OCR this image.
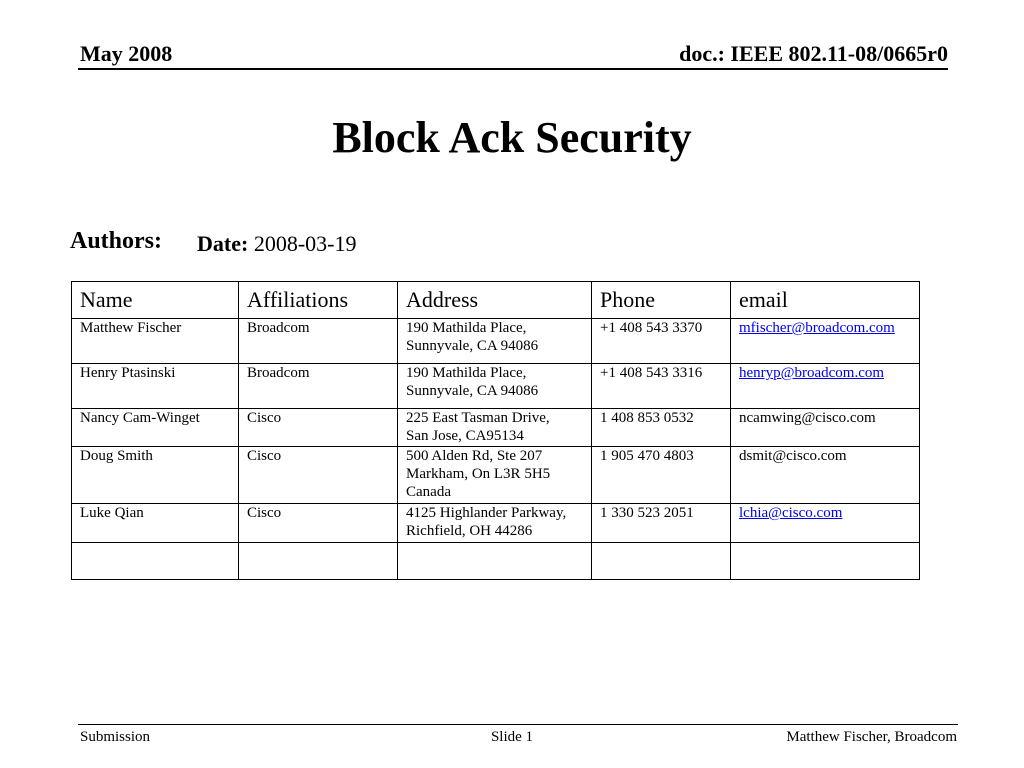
May 2008	doc.: IEEE 802.11-08/0665r0
Block Ack Security
Authors: Date: 2008-03-19
Name	Affiliations	Address	Phone	email
Matthew Fischer	Broadcom	190 Mathilda Place,
Sunnyvale, CA 94086	+1 408 543 3370	mfischer@broadcom.com
Henry Ptasinski	Broadcom	190 Mathilda Place,
Sunnyvale, CA 94086	+1 408 543 3316	henryp@broadcom.com
Nancy Cam-Winget	Cisco	225 East Tasman Drive,
San Jose, CA95134	1 408 853 0532	ncamwing@cisco.com
Doug Smith	Cisco	500 Alden Rd, Ste 207
Markham, On L3R 5H5
Canada	1 905 470 4803	dsmit@cisco.com
Luke Qian	Cisco	4125 Highlander Parkway,
Richfield, OH 44286	1 330 523 2051	lchia@cisco.com

Submission	Slide 1	Matthew Fischer, Broadcom
